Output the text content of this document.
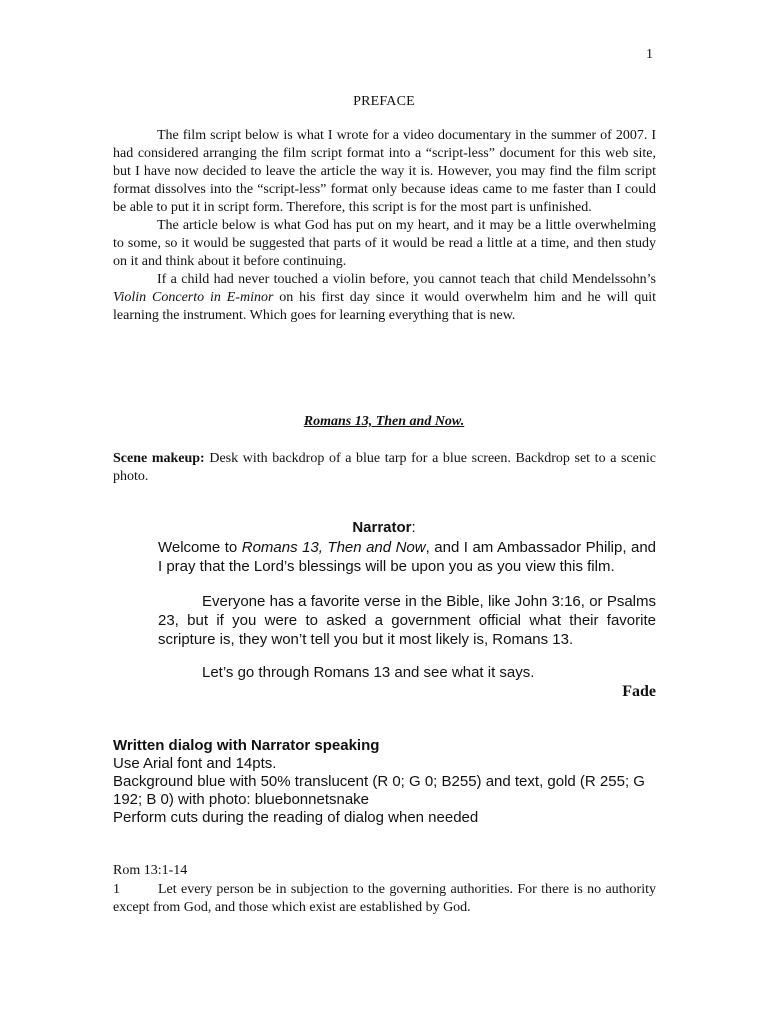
1
PREFACE

The film script below is what I wrote for a video documentary in the summer of 2007. I had considered arranging the film script format into a “script-less” document for this web site, but I have now decided to leave the article the way it is. However, you may find the film script format dissolves into the “script-less” format only because ideas came to me faster than I could be able to put it in script form. Therefore, this script is for the most part is unfinished.

The article below is what God has put on my heart, and it may be a little overwhelming to some, so it would be suggested that parts of it would be read a little at a time, and then study on it and think about it before continuing.

If a child had never touched a violin before, you cannot teach that child Mendelssohn’s Violin Concerto in E-minor on his first day since it would overwhelm him and he will quit learning the instrument. Which goes for learning everything that is new.

Romans 13, Then and Now.
Scene makeup: Desk with backdrop of a blue tarp for a blue screen. Backdrop set to a scenic photo.
Narrator:
Welcome to Romans 13, Then and Now, and I am Ambassador Philip, and I pray that the Lord’s blessings will be upon you as you view this film.
Everyone has a favorite verse in the Bible, like John 3:16, or Psalms 23, but if you were to asked a government official what their favorite scripture is, they won’t tell you but it most likely is, Romans 13.
Let’s go through Romans 13 and see what it says.
Fade
Written dialog with Narrator speaking
Use Arial font and 14pts.
Background blue with 50% translucent (R 0; G 0; B255) and text, gold (R 255; G 192; B 0) with photo: bluebonnetsnake
Perform cuts during the reading of dialog when needed
Rom 13:1-14
1	Let every person be in subjection to the governing authorities. For there is no authority except from God, and those which exist are established by God.
